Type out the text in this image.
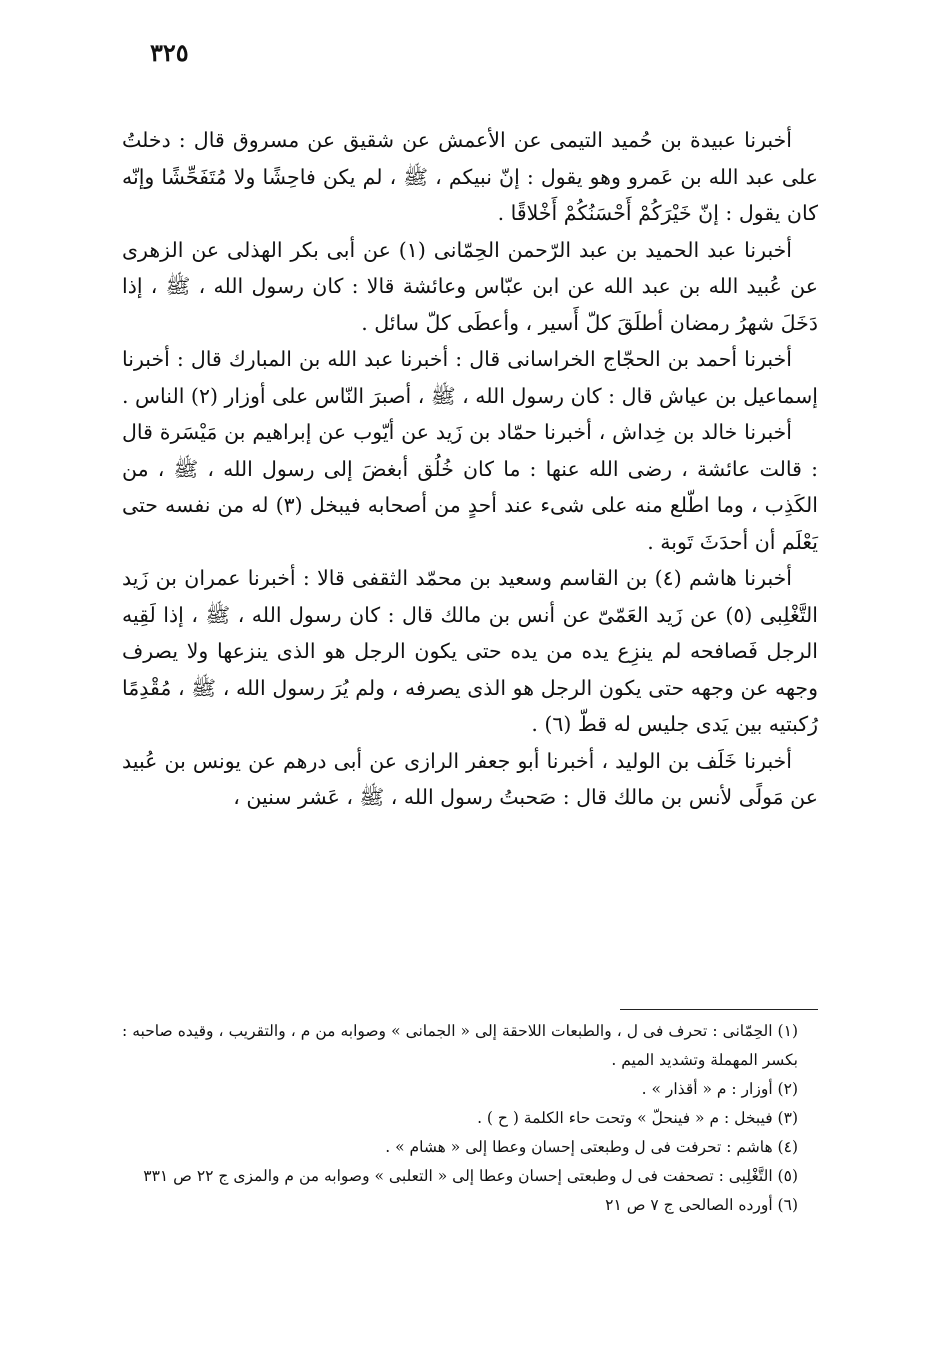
٣٢٥

أخبرنا عبيدة بن حُميد التيمى عن الأعمش عن شقيق عن مسروق قال : دخلتُ على عبد الله بن عَمرو وهو يقول : إنّ نبيكم ، ﷺ ، لم يكن فاحِشًا ولا مُتَفَحِّشًا وإنّه كان يقول : إنّ خَيْرَكُمْ أَحْسَنُكُمْ أَخْلاقًا .

أخبرنا عبد الحميد بن عبد الرّحمن الحِمّانى (١) عن أبى بكر الهذلى عن الزهرى عن عُبيد الله بن عبد الله عن ابن عبّاس وعائشة قالا : كان رسول الله ، ﷺ ، إذا دَخَلَ شهرُ رمضان أطلَقَ كلّ أَسير ، وأعطَى كلّ سائل .

أخبرنا أحمد بن الحجّاج الخراسانى قال : أخبرنا عبد الله بن المبارك قال : أخبرنا إسماعيل بن عياش قال : كان رسول الله ، ﷺ ، أصبرَ النّاس على أوزار (٢) الناس .

أخبرنا خالد بن خِداش ، أخبرنا حمّاد بن زَيد عن أيّوب عن إبراهيم بن مَيْسَرة قال : قالت عائشة ، رضى الله عنها : ما كان خُلُق أبغضَ إلى رسول الله ، ﷺ ، من الكَذِب ، وما اطّلع منه على شىء عند أحدٍ من أصحابه فيبخل (٣) له من نفسه حتى يَعْلَم أن أحدَثَ تَوبة .

أخبرنا هاشم (٤) بن القاسم وسعيد بن محمّد الثقفى قالا : أخبرنا عمران بن زَيد التَّغْلِبى (٥) عن زَيد العَمّىّ عن أنس بن مالك قال : كان رسول الله ، ﷺ ، إذا لَقِيه الرجل فَصافحه لم ينزِع يده من يده حتى يكون الرجل هو الذى ينزعها ولا يصرف وجهه عن وجهه حتى يكون الرجل هو الذى يصرفه ، ولم يُرَ رسول الله ، ﷺ ، مُقْدِمًا رُكبتيه بين يَدى جليس له قطّ (٦) .

أخبرنا خَلَف بن الوليد ، أخبرنا أبو جعفر الرازى عن أبى درهم عن يونس بن عُبيد عن مَولًى لأنس بن مالك قال : صَحبتُ رسول الله ، ﷺ ، عَشر سنين ،

(١) الحِمّانى : تحرف فى ل ، والطبعات اللاحقة إلى « الجمانى » وصوابه من م ، والتقريب ، وقيده صاحبه : بكسر المهملة وتشديد الميم .

(٢) أوزار : م « أقذار » .

(٣) فيبخل : م « فينحلّ » وتحت حاء الكلمة ( ح ) .

(٤) هاشم : تحرفت فى ل وطبعتى إحسان وعطا إلى « هشام » .

(٥) التَّغْلِبى : تصحفت فى ل وطبعتى إحسان وعطا إلى « التعلبى » وصوابه من م والمزى ج ٢٢ ص ٣٣١

(٦) أورده الصالحى ج ٧ ص ٢١
